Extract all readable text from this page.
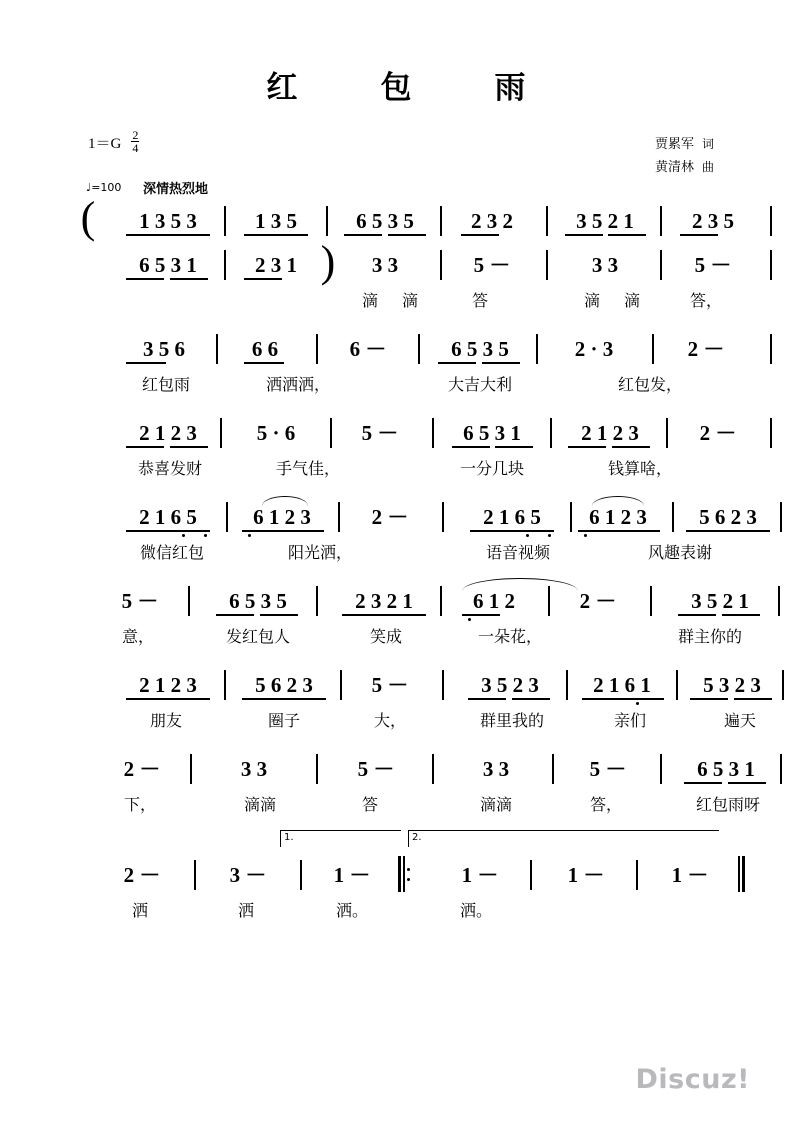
红　包　雨
$1=G \frac{2}{4}$	贾累军 词
黄清林 曲
♩=100 深情热烈地
( 1 3 5 3	1 3 5	6 5 3 5	2 3 2	3 5 2 1	2 3 5
6 5 3 1	2 3 1 ) 3 3	5 －	3 3	5 －
滴 滴	答	滴 滴	答，
3 5 6	6 6	6 －	6 5 3 5	2 · 3	2 －
红包雨	洒洒洒，	大吉大利	红包发，
2 1 2 3	5 · 6	5 －	6 5 3 1	2 1 2 3	2 －
恭喜发财	手气佳，	一分几块	钱算啥，
2 1 6 5	6 1 2 3	2 －	2 1 6 5 6 1 2 3 5 6 2 3
微信红包	阳光洒，	语音视频	风趣表谢
5 －	6 5 3 5	2 3 2 1	6 1 2	2 －	3 5 2 1
意，	发红包人	笑成	一朵花，	群主你的
2 1 2 3	5 6 2 3	5 －	3 5 2 3	2 1 6 1 5 3 2 3
朋友	圈子	大，	群里我的	亲们	遍天
2 －	3 3	5 －	3 3	5 －	6 5 3 1
下，	滴滴	答	滴滴	答，	红包雨呀
1.	2.
2 －	3 －	1 －	1 －	1 －	1 －
洒	洒	洒。	洒。
Discuz!
